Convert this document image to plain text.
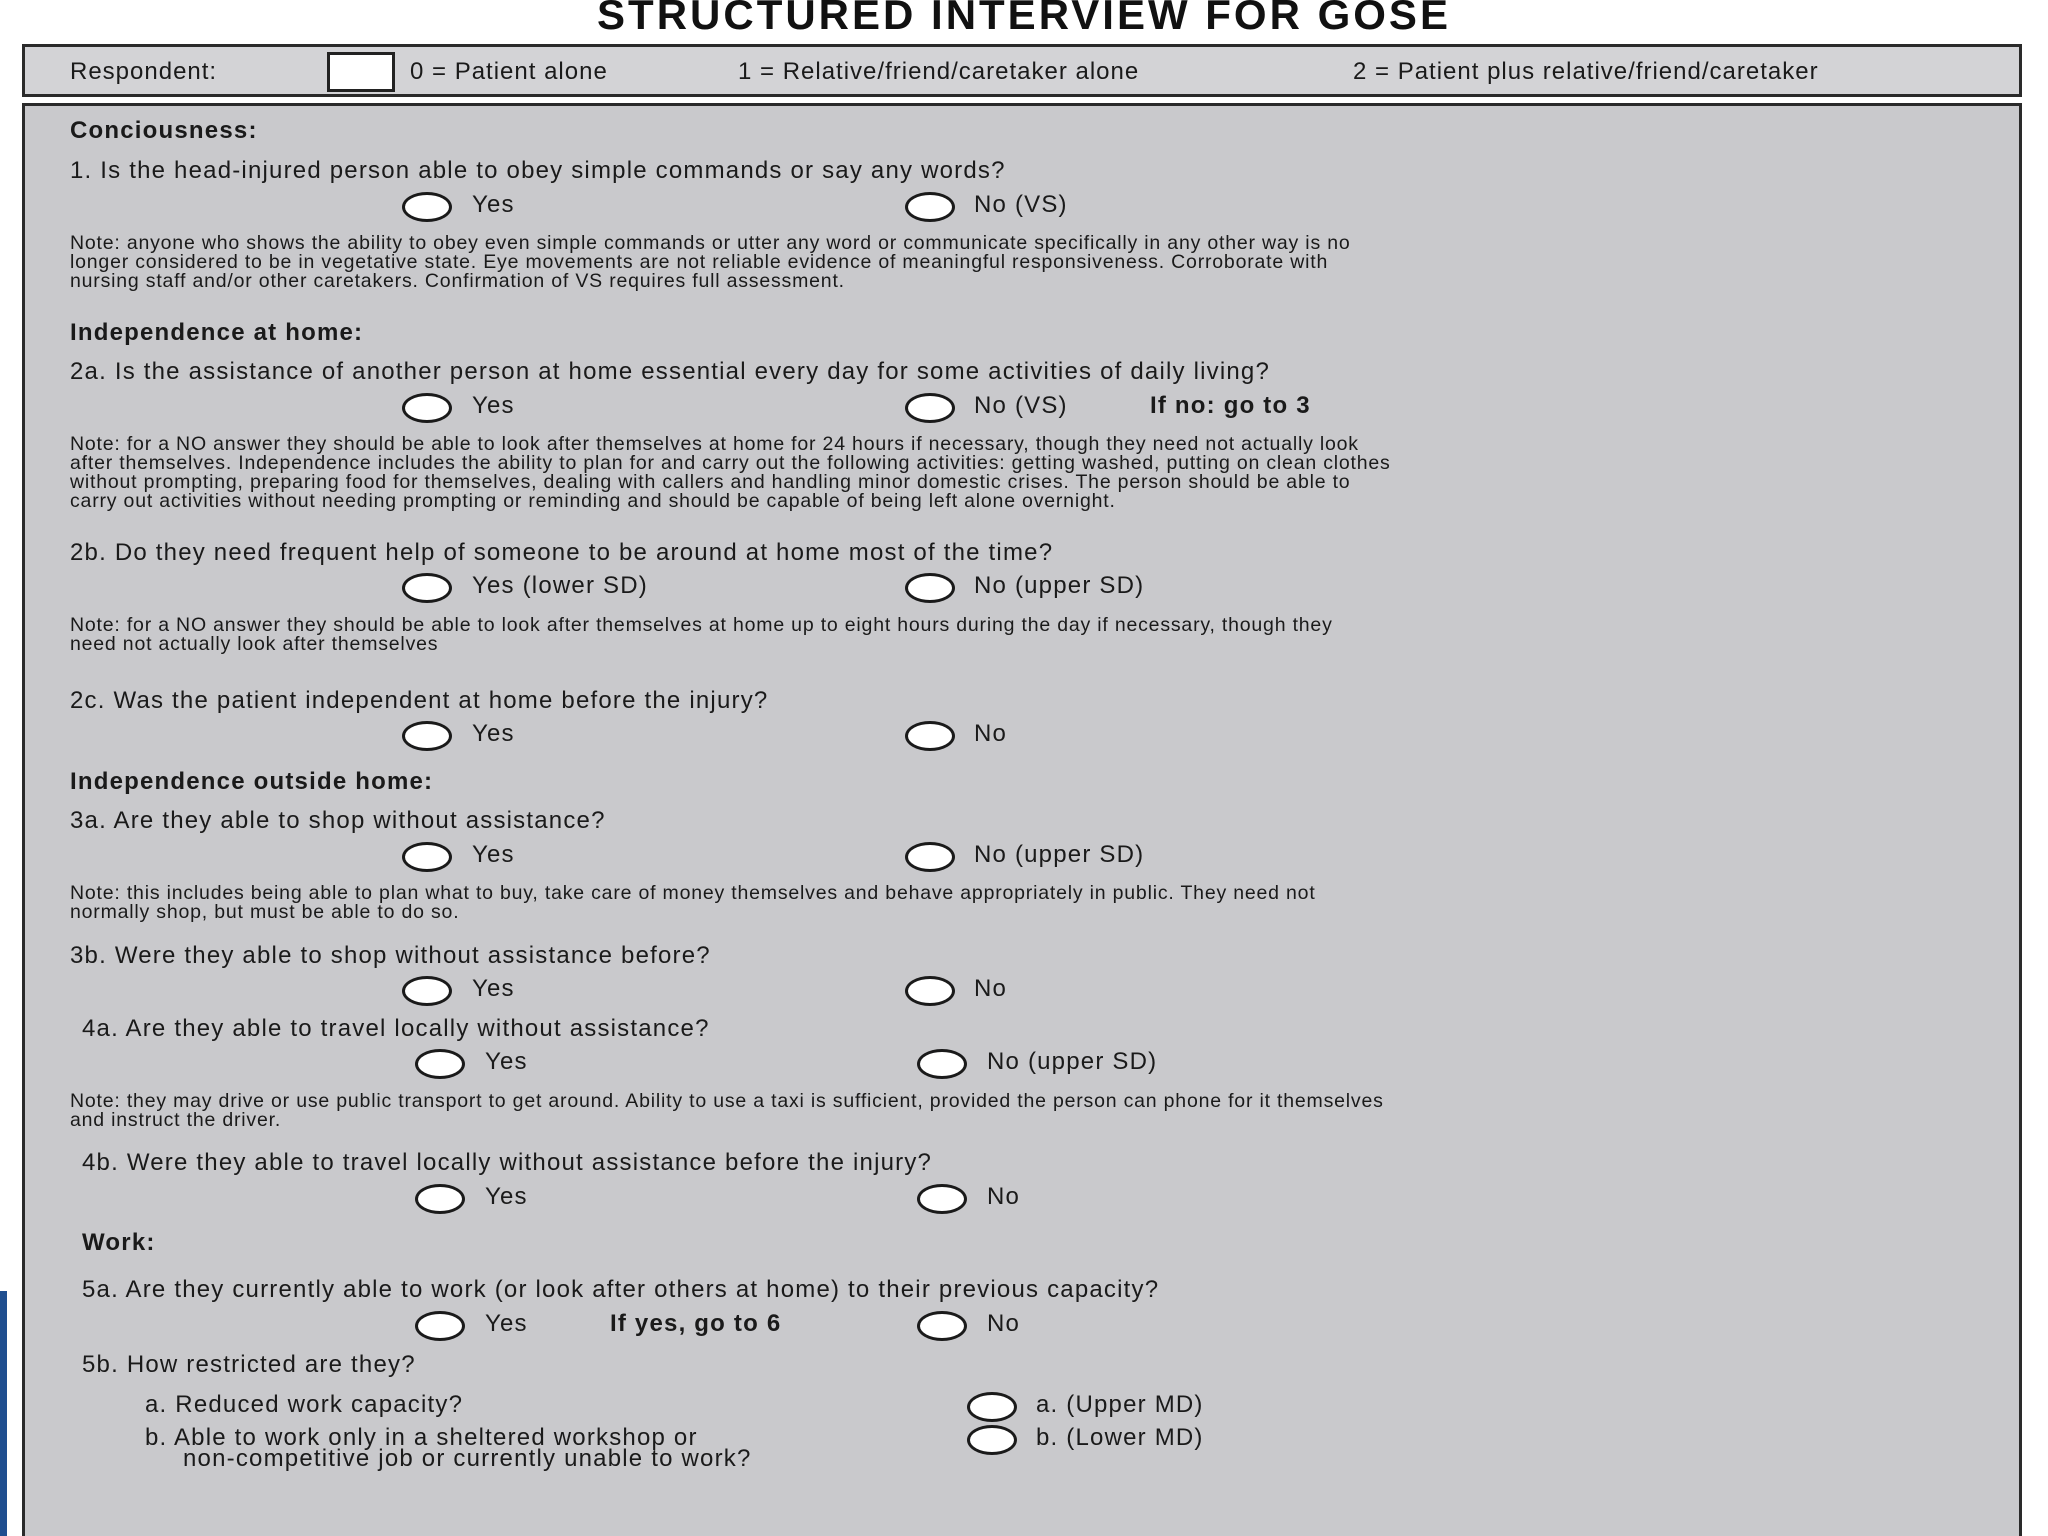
STRUCTURED INTERVIEW FOR GOSE
Respondent:	0 = Patient alone	1 = Relative/friend/caretaker alone	2 = Patient plus relative/friend/caretaker
Conciousness:
1. Is the head-injured person able to obey simple commands or say any words?
Yes	No (VS)
Note: anyone who shows the ability to obey even simple commands or utter any word or communicate specifically in any other way is no
longer considered to be in vegetative state. Eye movements are not reliable evidence of meaningful responsiveness. Corroborate with
nursing staff and/or other caretakers. Confirmation of VS requires full assessment.
Independence at home:
2a. Is the assistance of another person at home essential every day for some activities of daily living?
Yes	No (VS)	If no: go to 3
Note: for a NO answer they should be able to look after themselves at home for 24 hours if necessary, though they need not actually look
after themselves. Independence includes the ability to plan for and carry out the following activities: getting washed, putting on clean clothes
without prompting, preparing food for themselves, dealing with callers and handling minor domestic crises. The person should be able to
carry out activities without needing prompting or reminding and should be capable of being left alone overnight.
2b. Do they need frequent help of someone to be around at home most of the time?
Yes (lower SD)	No (upper SD)
Note: for a NO answer they should be able to look after themselves at home up to eight hours during the day if necessary, though they
need not actually look after themselves
2c. Was the patient independent at home before the injury?
Yes	No
Independence outside home:
3a. Are they able to shop without assistance?
Yes	No (upper SD)
Note: this includes being able to plan what to buy, take care of money themselves and behave appropriately in public. They need not
normally shop, but must be able to do so.
3b. Were they able to shop without assistance before?
Yes	No
4a. Are they able to travel locally without assistance?
Yes	No (upper SD)
Note: they may drive or use public transport to get around. Ability to use a taxi is sufficient, provided the person can phone for it themselves
and instruct the driver.
4b. Were they able to travel locally without assistance before the injury?
Yes	No
Work:
5a. Are they currently able to work (or look after others at home) to their previous capacity?
Yes	If yes, go to 6	No
5b. How restricted are they?
a. Reduced work capacity?	a. (Upper MD)
b. Able to work only in a sheltered workshop or
non-competitive job or currently unable to work?
b. (Lower MD)
